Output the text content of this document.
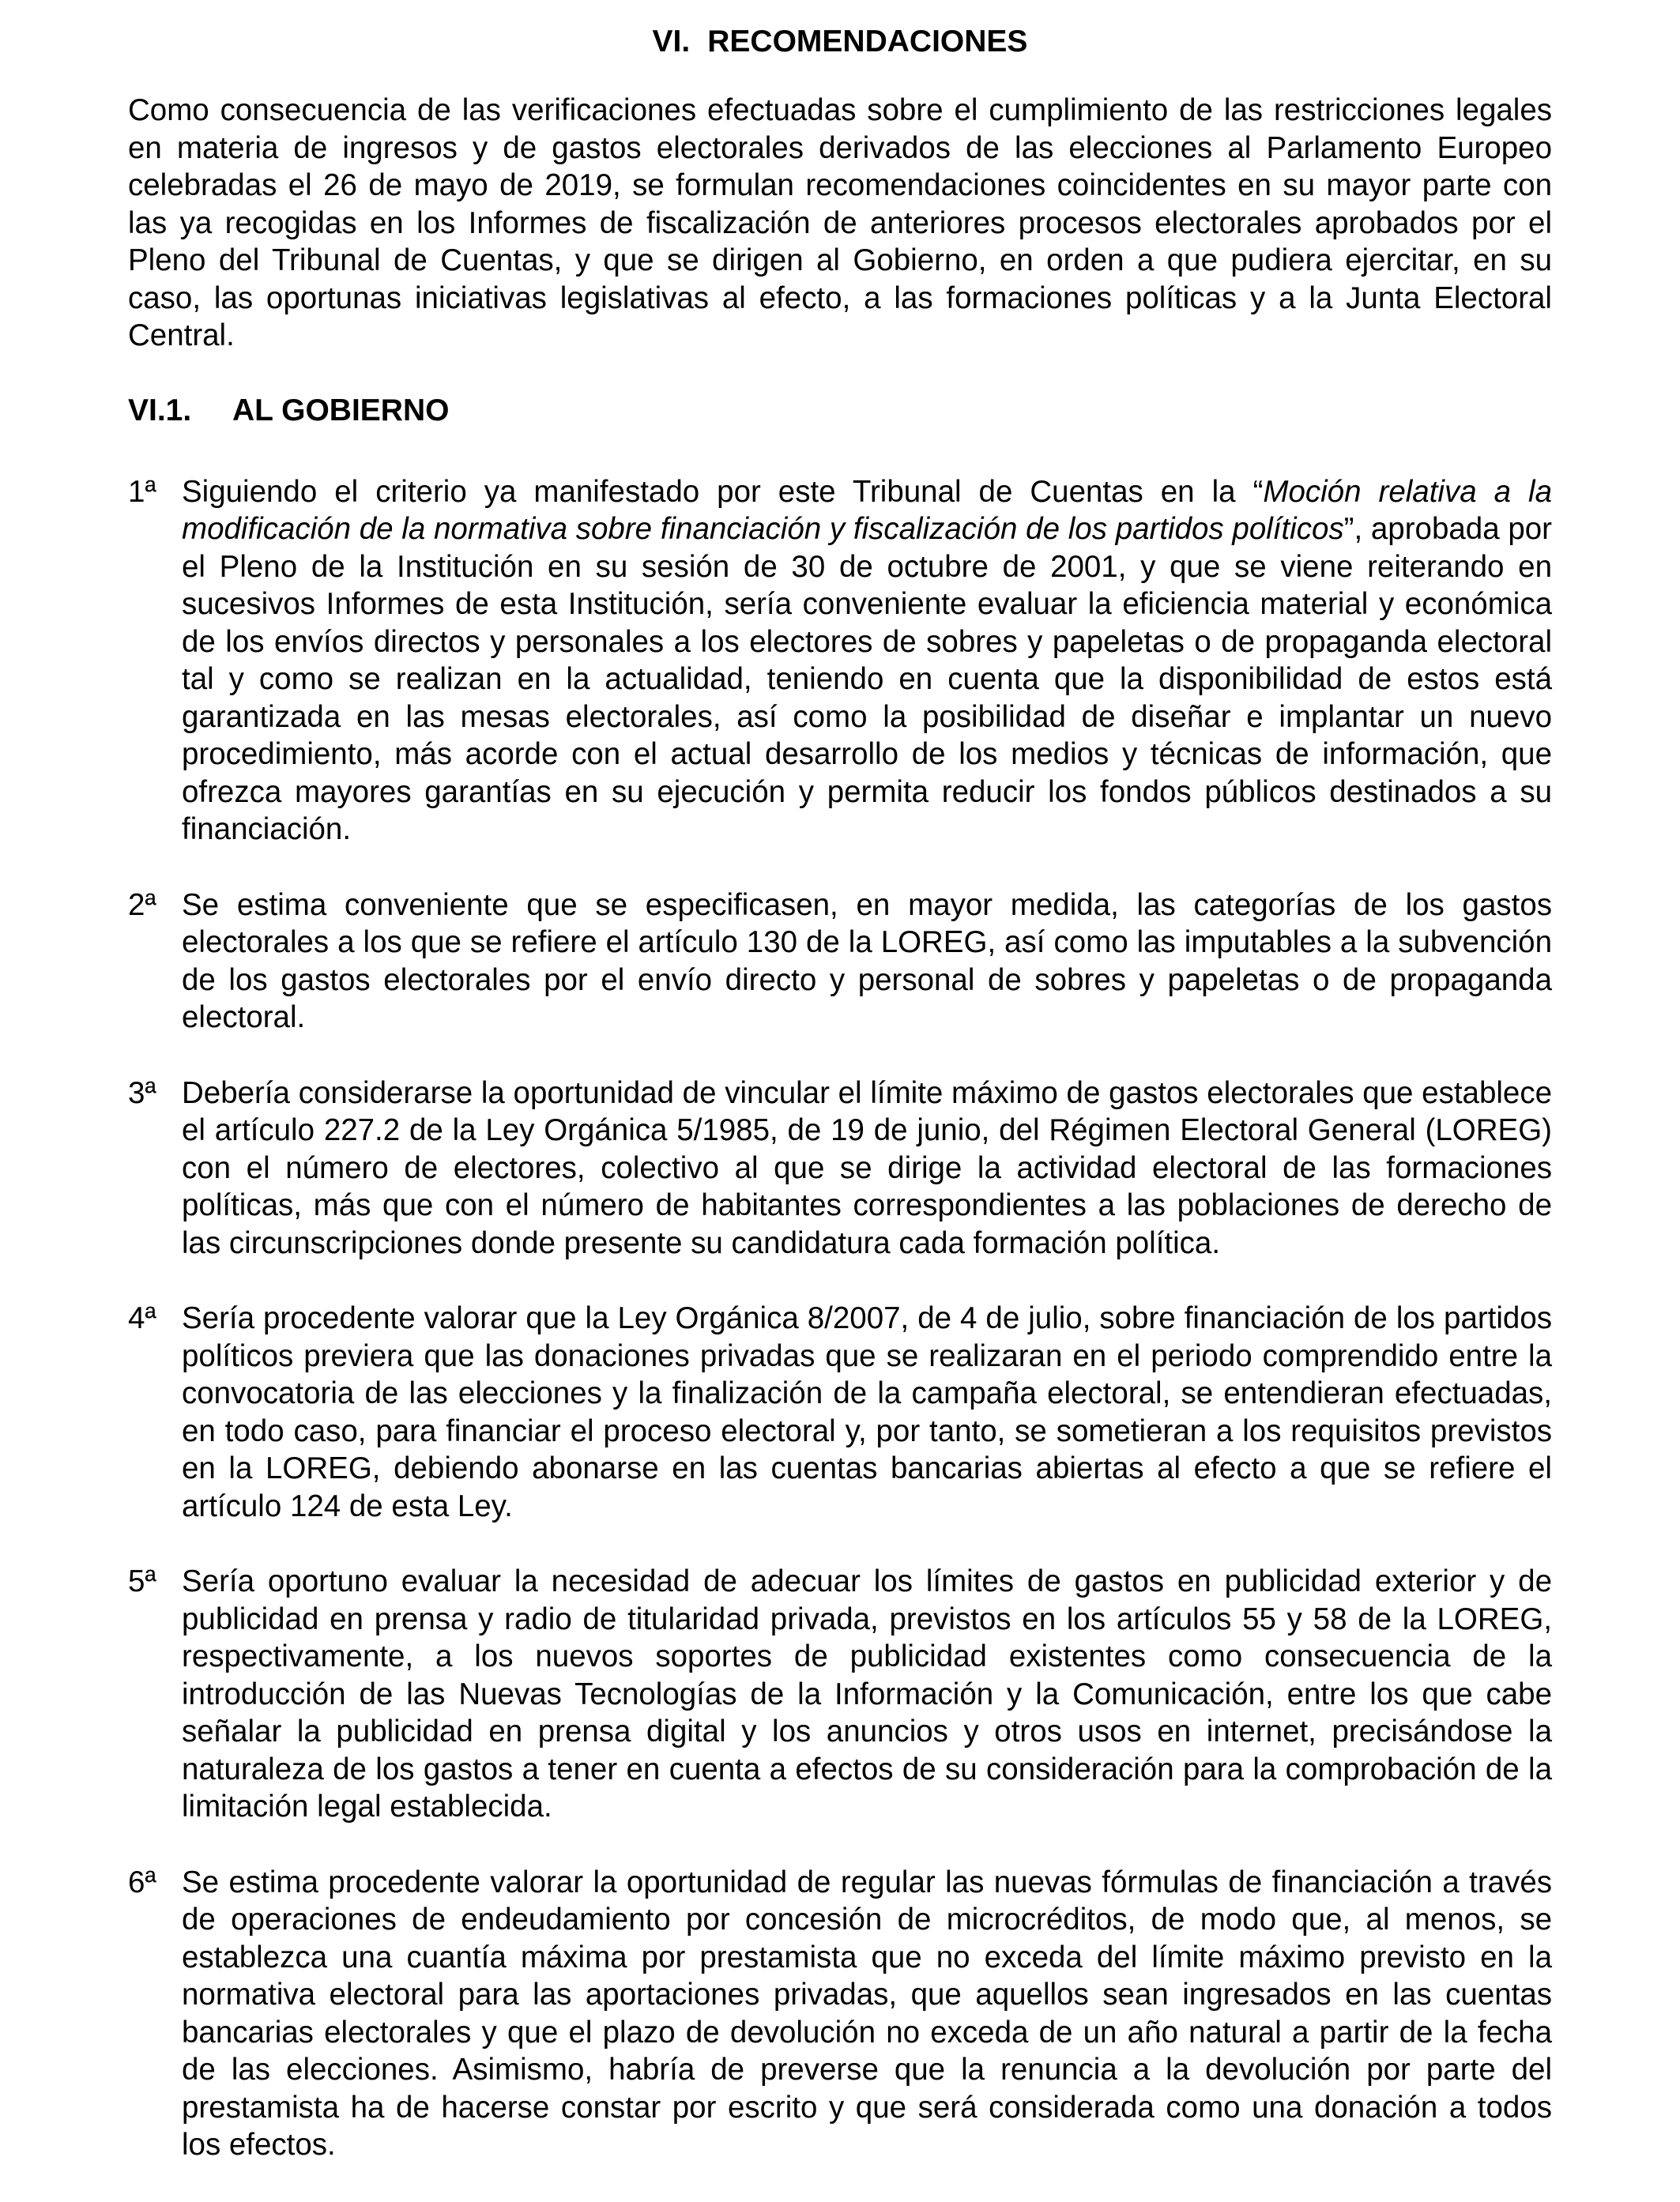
VI. RECOMENDACIONES

Como consecuencia de las verificaciones efectuadas sobre el cumplimiento de las restricciones legales en materia de ingresos y de gastos electorales derivados de las elecciones al Parlamento Europeo celebradas el 26 de mayo de 2019, se formulan recomendaciones coincidentes en su mayor parte con las ya recogidas en los Informes de fiscalización de anteriores procesos electorales aprobados por el Pleno del Tribunal de Cuentas, y que se dirigen al Gobierno, en orden a que pudiera ejercitar, en su caso, las oportunas iniciativas legislativas al efecto, a las formaciones políticas y a la Junta Electoral Central.

VI.1. AL GOBIERNO
1ª Siguiendo el criterio ya manifestado por este Tribunal de Cuentas en la “Moción relativa a la modificación de la normativa sobre financiación y fiscalización de los partidos políticos”, aprobada por el Pleno de la Institución en su sesión de 30 de octubre de 2001, y que se viene reiterando en sucesivos Informes de esta Institución, sería conveniente evaluar la eficiencia material y económica de los envíos directos y personales a los electores de sobres y papeletas o de propaganda electoral tal y como se realizan en la actualidad, teniendo en cuenta que la disponibilidad de estos está garantizada en las mesas electorales, así como la posibilidad de diseñar e implantar un nuevo procedimiento, más acorde con el actual desarrollo de los medios y técnicas de información, que ofrezca mayores garantías en su ejecución y permita reducir los fondos públicos destinados a su financiación.
2ª Se estima conveniente que se especificasen, en mayor medida, las categorías de los gastos electorales a los que se refiere el artículo 130 de la LOREG, así como las imputables a la subvención de los gastos electorales por el envío directo y personal de sobres y papeletas o de propaganda electoral.
3ª Debería considerarse la oportunidad de vincular el límite máximo de gastos electorales que establece el artículo 227.2 de la Ley Orgánica 5/1985, de 19 de junio, del Régimen Electoral General (LOREG) con el número de electores, colectivo al que se dirige la actividad electoral de las formaciones políticas, más que con el número de habitantes correspondientes a las poblaciones de derecho de las circunscripciones donde presente su candidatura cada formación política.
4ª Sería procedente valorar que la Ley Orgánica 8/2007, de 4 de julio, sobre financiación de los partidos políticos previera que las donaciones privadas que se realizaran en el periodo comprendido entre la convocatoria de las elecciones y la finalización de la campaña electoral, se entendieran efectuadas, en todo caso, para financiar el proceso electoral y, por tanto, se sometieran a los requisitos previstos en la LOREG, debiendo abonarse en las cuentas bancarias abiertas al efecto a que se refiere el artículo 124 de esta Ley.
5ª Sería oportuno evaluar la necesidad de adecuar los límites de gastos en publicidad exterior y de publicidad en prensa y radio de titularidad privada, previstos en los artículos 55 y 58 de la LOREG, respectivamente, a los nuevos soportes de publicidad existentes como consecuencia de la introducción de las Nuevas Tecnologías de la Información y la Comunicación, entre los que cabe señalar la publicidad en prensa digital y los anuncios y otros usos en internet, precisándose la naturaleza de los gastos a tener en cuenta a efectos de su consideración para la comprobación de la limitación legal establecida.
6ª Se estima procedente valorar la oportunidad de regular las nuevas fórmulas de financiación a través de operaciones de endeudamiento por concesión de microcréditos, de modo que, al menos, se establezca una cuantía máxima por prestamista que no exceda del límite máximo previsto en la normativa electoral para las aportaciones privadas, que aquellos sean ingresados en las cuentas bancarias electorales y que el plazo de devolución no exceda de un año natural a partir de la fecha de las elecciones. Asimismo, habría de preverse que la renuncia a la devolución por parte del prestamista ha de hacerse constar por escrito y que será considerada como una donación a todos los efectos.
